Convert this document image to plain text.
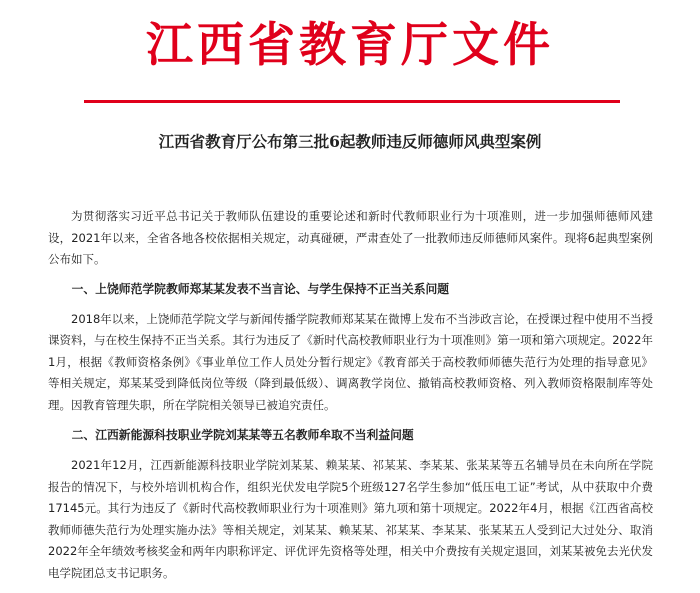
江西省教育厅文件
江西省教育厅公布第三批6起教师违反师德师风典型案例

为贯彻落实习近平总书记关于教师队伍建设的重要论述和新时代教师职业行为十项准则，进一步加强师德师风建设，2021年以来，全省各地各校依据相关规定，动真碰硬，严肃查处了一批教师违反师德师风案件。现将6起典型案例公布如下。

一、上饶师范学院教师郑某某发表不当言论、与学生保持不正当关系问题

2018年以来，上饶师范学院文学与新闻传播学院教师郑某某在微博上发布不当涉政言论，在授课过程中使用不当授课资料，与在校生保持不正当关系。其行为违反了《新时代高校教师职业行为十项准则》第一项和第六项规定。2022年1月，根据《教师资格条例》《事业单位工作人员处分暂行规定》《教育部关于高校教师师德失范行为处理的指导意见》等相关规定，郑某某受到降低岗位等级（降到最低级）、调离教学岗位、撤销高校教师资格、列入教师资格限制库等处理。因教育管理失职，所在学院相关领导已被追究责任。

二、江西新能源科技职业学院刘某某等五名教师牟取不当利益问题

2021年12月，江西新能源科技职业学院刘某某、赖某某、祁某某、李某某、张某某等五名辅导员在未向所在学院报告的情况下，与校外培训机构合作，组织光伏发电学院5个班级127名学生参加“低压电工证”考试，从中获取中介费17145元。其行为违反了《新时代高校教师职业行为十项准则》第九项和第十项规定。2022年4月，根据《江西省高校教师师德失范行为处理实施办法》等相关规定，刘某某、赖某某、祁某某、李某某、张某某五人受到记大过处分、取消2022年全年绩效考核奖金和两年内职称评定、评优评先资格等处理，相关中介费按有关规定退回，刘某某被免去光伏发电学院团总支书记职务。
